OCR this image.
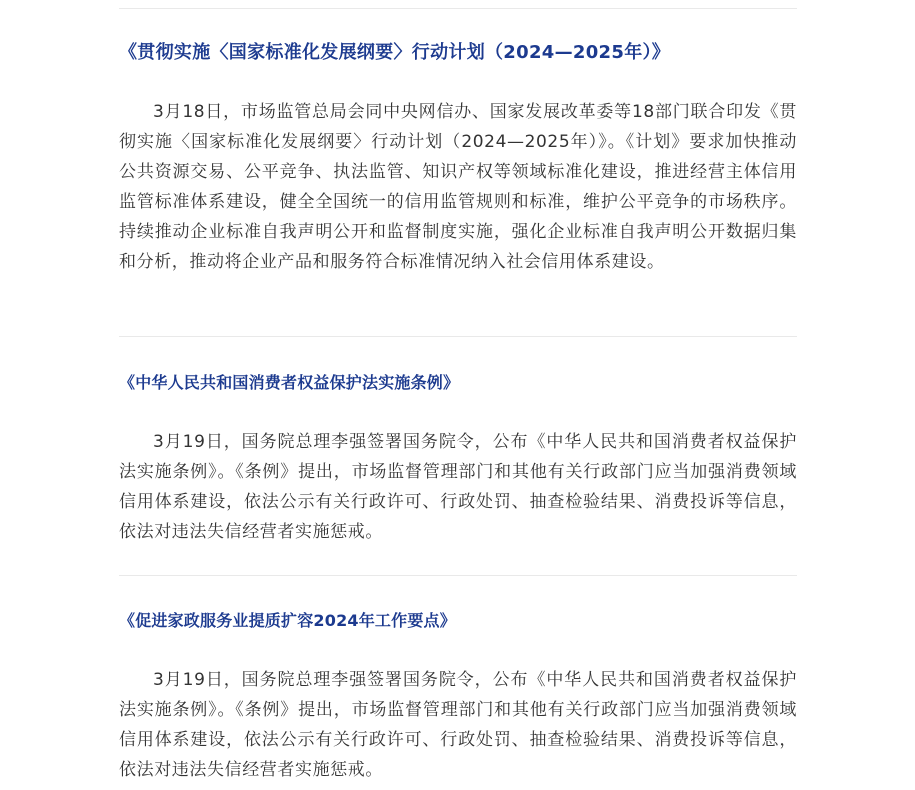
《贯彻实施〈国家标准化发展纲要〉行动计划（2024—2025年）》

3月18日，市场监管总局会同中央网信办、国家发展改革委等18部门联合印发《贯彻实施〈国家标准化发展纲要〉行动计划（2024—2025年）》。《计划》要求加快推动公共资源交易、公平竞争、执法监管、知识产权等领域标准化建设，推进经营主体信用监管标准体系建设，健全全国统一的信用监管规则和标准，维护公平竞争的市场秩序。持续推动企业标准自我声明公开和监督制度实施，强化企业标准自我声明公开数据归集和分析，推动将企业产品和服务符合标准情况纳入社会信用体系建设。

《中华人民共和国消费者权益保护法实施条例》

3月19日，国务院总理李强签署国务院令，公布《中华人民共和国消费者权益保护法实施条例》。《条例》提出，市场监督管理部门和其他有关行政部门应当加强消费领域信用体系建设，依法公示有关行政许可、行政处罚、抽查检验结果、消费投诉等信息，依法对违法失信经营者实施惩戒。

《促进家政服务业提质扩容2024年工作要点》

3月19日，国务院总理李强签署国务院令，公布《中华人民共和国消费者权益保护法实施条例》。《条例》提出，市场监督管理部门和其他有关行政部门应当加强消费领域信用体系建设，依法公示有关行政许可、行政处罚、抽查检验结果、消费投诉等信息，依法对违法失信经营者实施惩戒。
